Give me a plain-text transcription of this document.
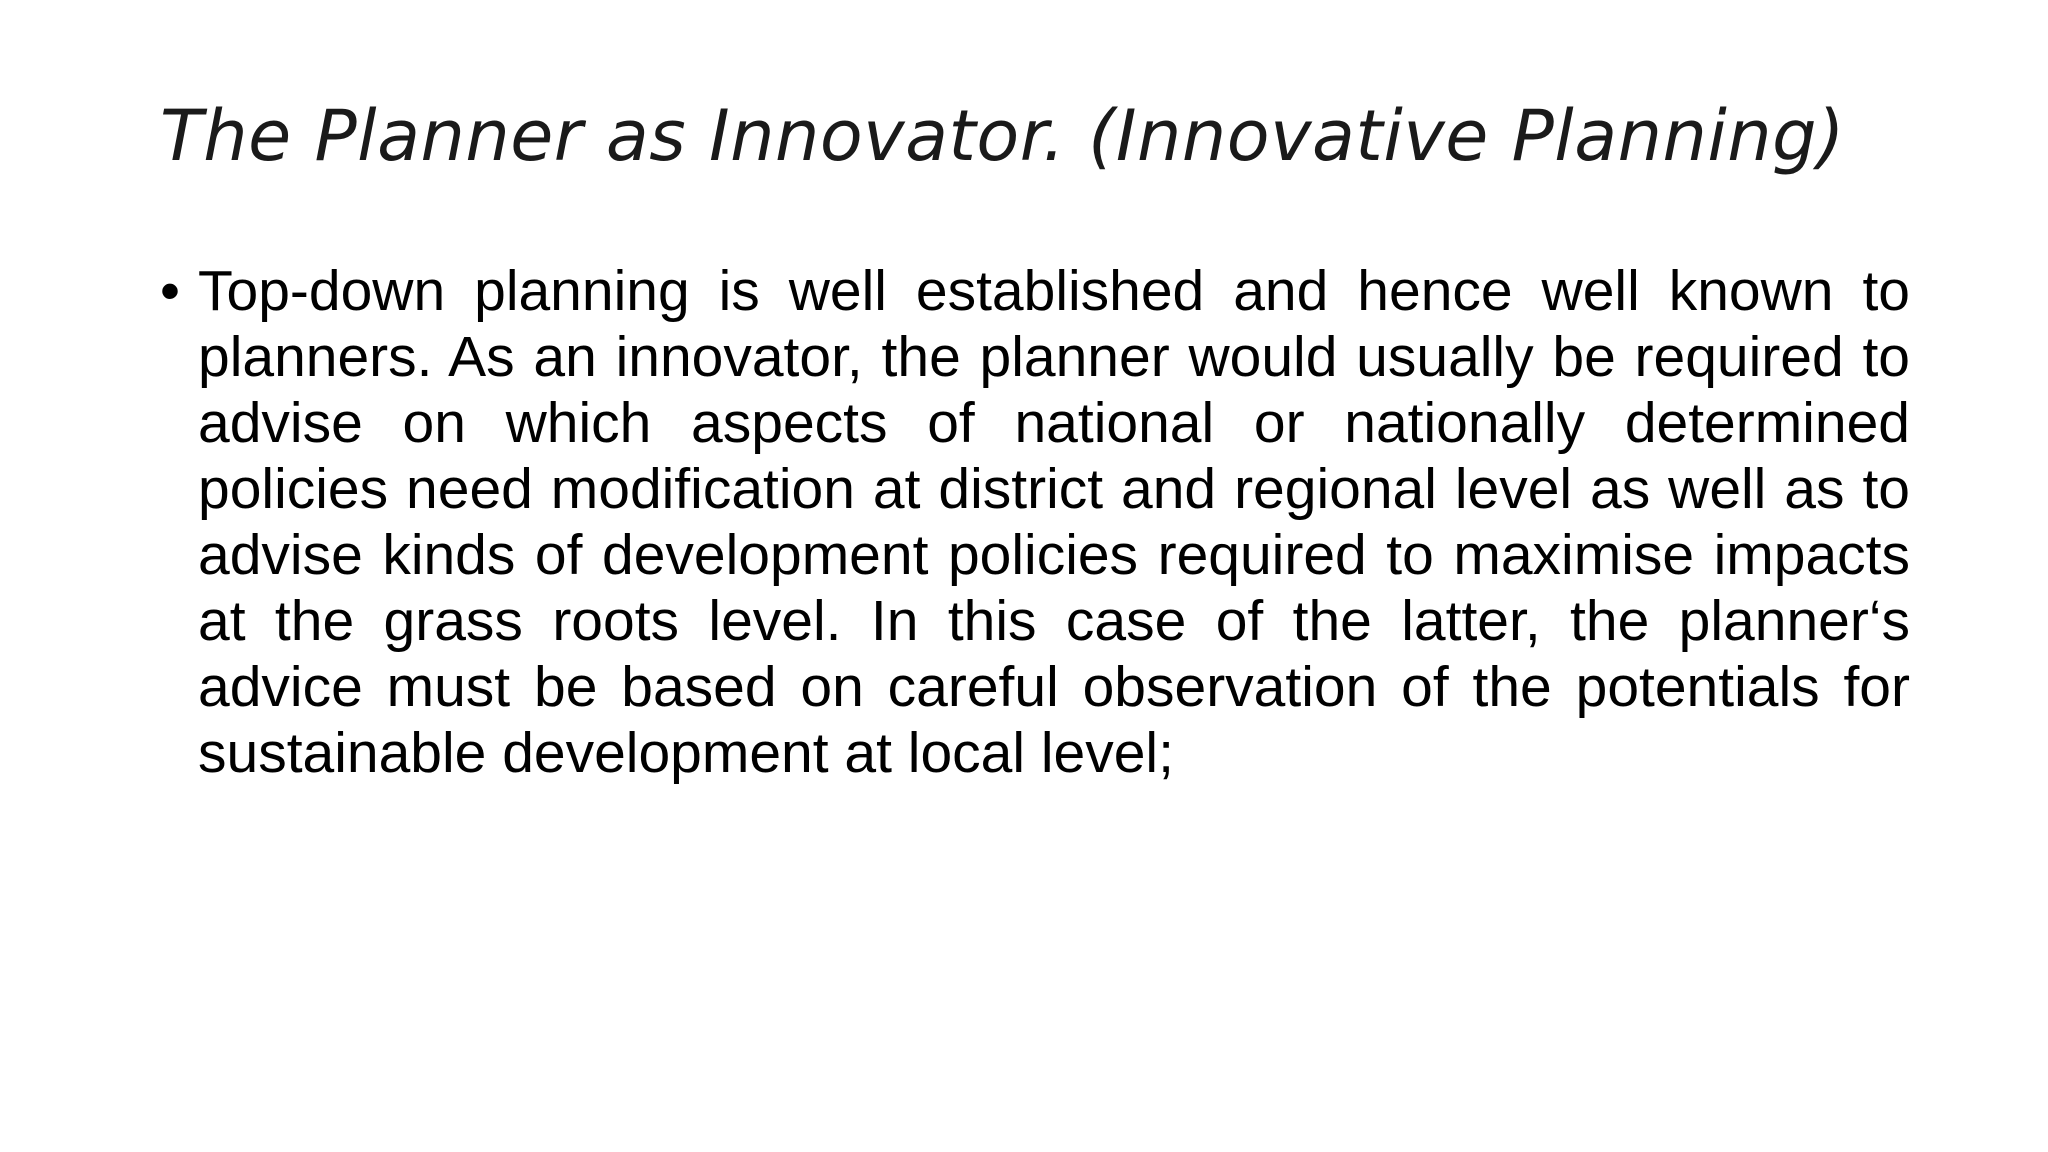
The Planner as Innovator. (Innovative Planning)
• Top-down planning is well established and hence well known to planners. As an innovator, the planner would usually be required to advise on which aspects of national or nationally determined policies need modification at district and regional level as well as to advise kinds of development policies required to maximise impacts at the grass roots level. In this case of the latter, the planner‘s advice must be based on careful observation of the potentials for sustainable development at local level;
